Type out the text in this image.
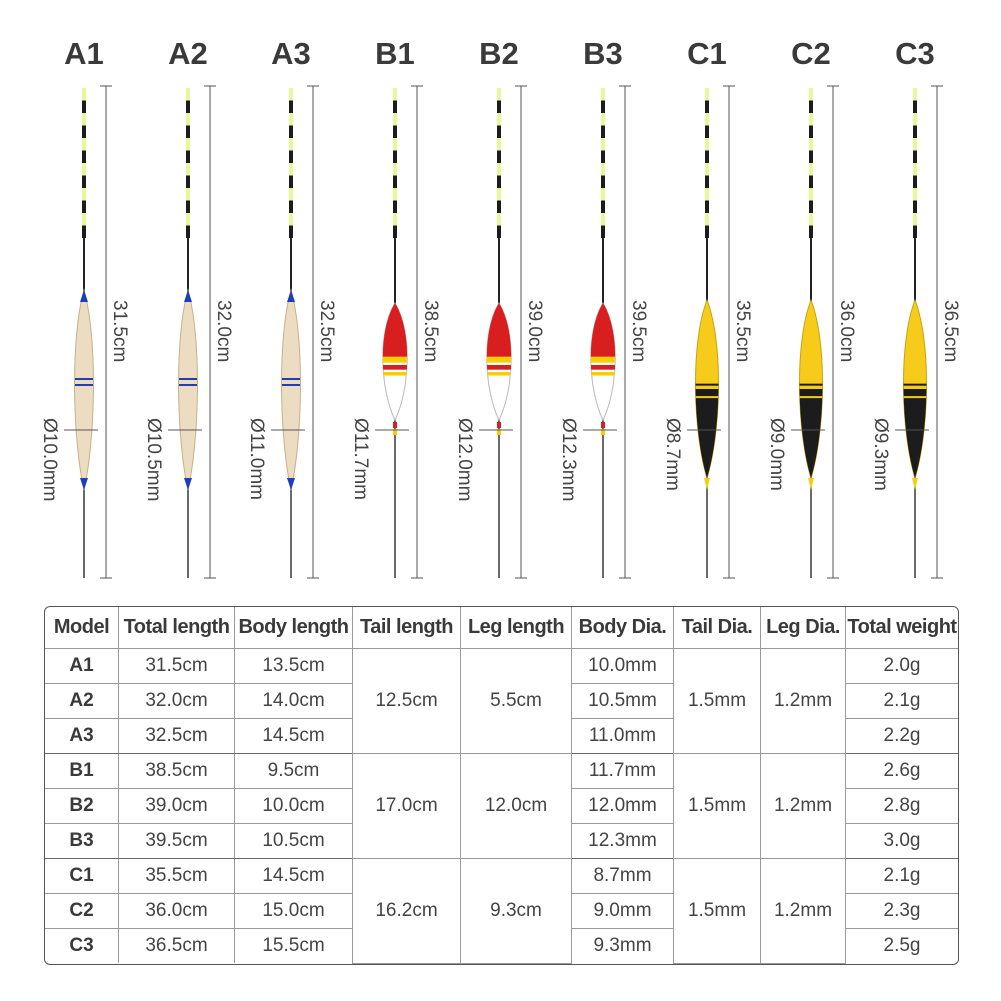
A1
31.5cm
Ø10.0mm
A2
32.0cm
Ø10.5mm
A3
32.5cm
Ø11.0mm
B1
38.5cm
Ø11.7mm
B2
39.0cm
Ø12.0mm
B3
39.5cm
Ø12.3mm
C1
35.5cm
Ø8.7mm
C2
36.0cm
Ø9.0mm
C3
36.5cm
Ø9.3mm
Model	Total length	Body length	Tail length	Leg length	Body Dia.	Tail Dia.	Leg Dia.	Total weight
A1	31.5cm	13.5cm	12.5cm	5.5cm	10.0mm	1.5mm	1.2mm	2.0g
A2	32.0cm	14.0cm			10.5mm			2.1g
A3	32.5cm	14.5cm			11.0mm			2.2g
B1	38.5cm	9.5cm	17.0cm	12.0cm	11.7mm	1.5mm	1.2mm	2.6g
B2	39.0cm	10.0cm			12.0mm			2.8g
B3	39.5cm	10.5cm			12.3mm			3.0g
C1	35.5cm	14.5cm	16.2cm	9.3cm	8.7mm	1.5mm	1.2mm	2.1g
C2	36.0cm	15.0cm			9.0mm			2.3g
C3	36.5cm	15.5cm			9.3mm			2.5g
